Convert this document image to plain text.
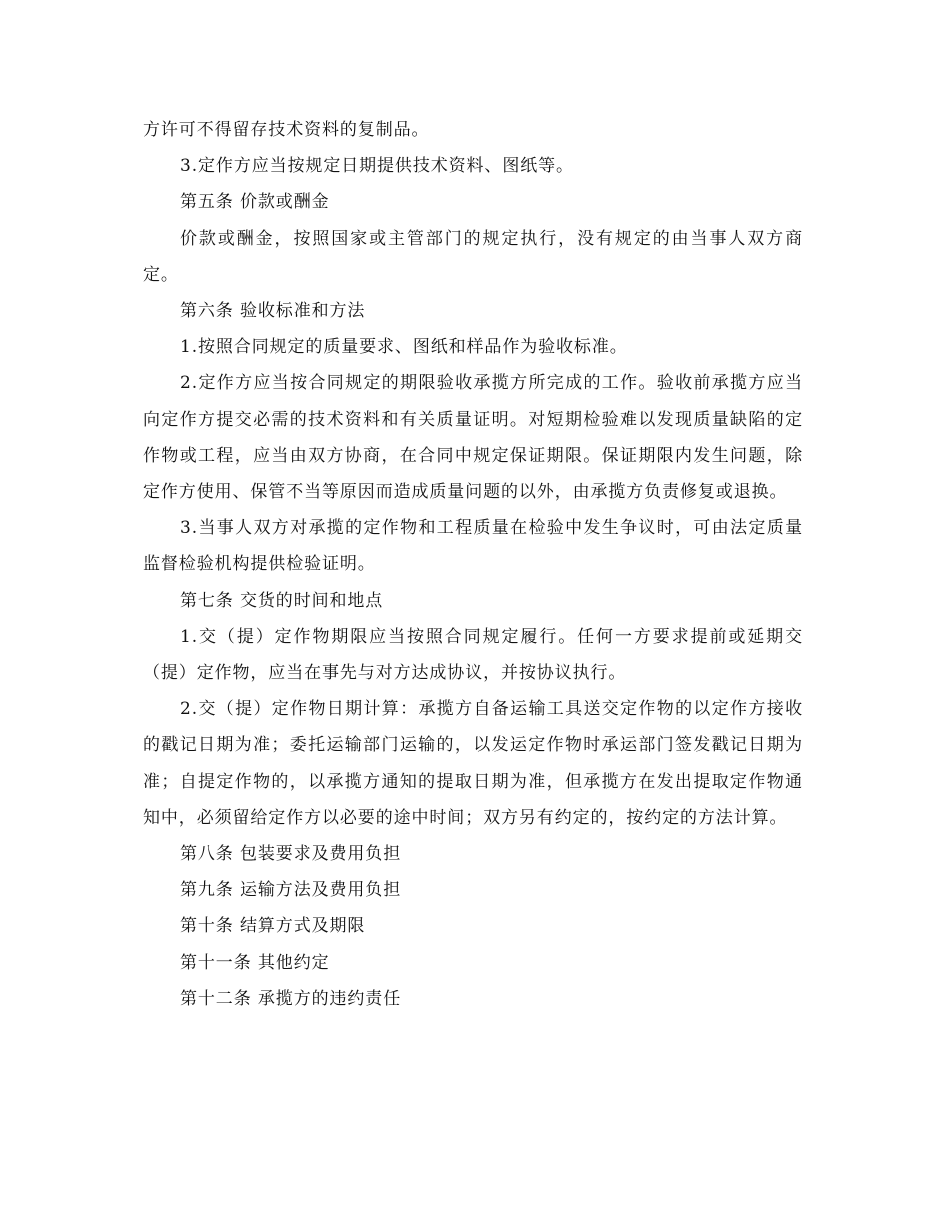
方许可不得留存技术资料的复制品。

3.定作方应当按规定日期提供技术资料、图纸等。

第五条 价款或酬金

价款或酬金，按照国家或主管部门的规定执行，没有规定的由当事人双方商定。

第六条 验收标准和方法

1.按照合同规定的质量要求、图纸和样品作为验收标准。

2.定作方应当按合同规定的期限验收承揽方所完成的工作。验收前承揽方应当向定作方提交必需的技术资料和有关质量证明。对短期检验难以发现质量缺陷的定作物或工程，应当由双方协商，在合同中规定保证期限。保证期限内发生问题，除定作方使用、保管不当等原因而造成质量问题的以外，由承揽方负责修复或退换。

3.当事人双方对承揽的定作物和工程质量在检验中发生争议时，可由法定质量监督检验机构提供检验证明。

第七条 交货的时间和地点

1.交（提）定作物期限应当按照合同规定履行。任何一方要求提前或延期交（提）定作物，应当在事先与对方达成协议，并按协议执行。

2.交（提）定作物日期计算：承揽方自备运输工具送交定作物的以定作方接收的戳记日期为准；委托运输部门运输的，以发运定作物时承运部门签发戳记日期为准；自提定作物的，以承揽方通知的提取日期为准，但承揽方在发出提取定作物通知中，必须留给定作方以必要的途中时间；双方另有约定的，按约定的方法计算。

第八条 包装要求及费用负担

第九条 运输方法及费用负担

第十条 结算方式及期限

第十一条 其他约定

第十二条 承揽方的违约责任
